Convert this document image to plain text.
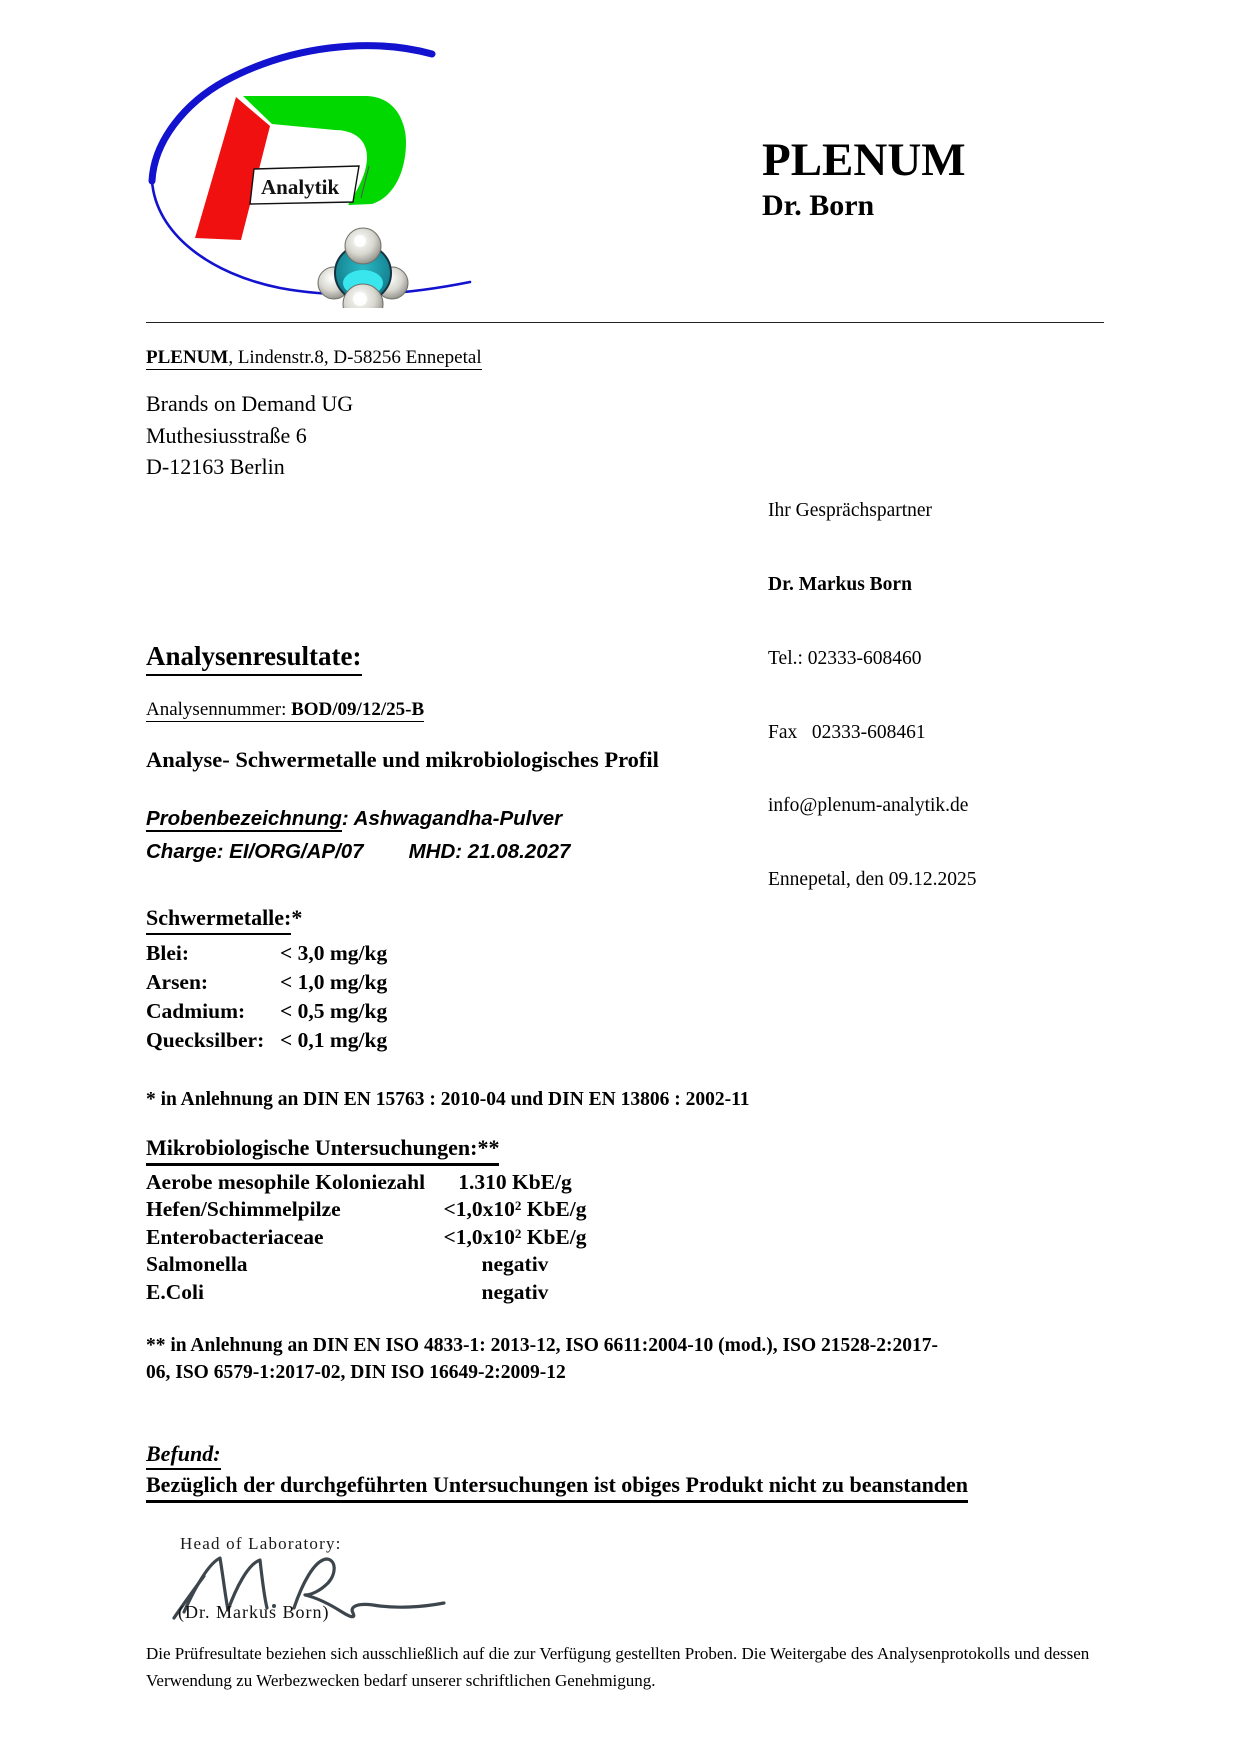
Analytik
PLENUM
Dr. Born
PLENUM, Lindenstr.8, D-58256 Ennepetal
Brands on Demand UG
Muthesiusstraße 6
D-12163 Berlin

Ihr Gesprächspartner

Dr. Markus Born

Tel.: 02333-608460

Fax   02333-608461

info@plenum-analytik.de

Ennepetal, den 09.12.2025

Analysenresultate:
Analysennummer: BOD/09/12/25-B
Analyse- Schwermetalle und mikrobiologisches Profil
Probenbezeichnung: Ashwagandha-Pulver
Charge: EI/ORG/AP/07 MHD: 21.08.2027
Schwermetalle:*
Blei:	< 3,0 mg/kg
Arsen:	< 1,0 mg/kg
Cadmium: < 0,5 mg/kg
Quecksilber: < 0,1 mg/kg
* in Anlehnung an DIN EN 15763 : 2010-04 und DIN EN 13806 : 2002-11
Mikrobiologische Untersuchungen:**
Aerobe mesophile Koloniezahl	1.310 KbE/g
Hefen/Schimmelpilze	$<1,0x10^2$ KbE/g
Enterobacteriaceae	$<1,0x10^2$ KbE/g
Salmonella	negativ
E.Coli	negativ
** in Anlehnung an DIN EN ISO 4833-1: 2013-12, ISO 6611:2004-10 (mod.), ISO 21528-2:2017-
06, ISO 6579-1:2017-02, DIN ISO 16649-2:2009-12
Befund:
Bezüglich der durchgeführten Untersuchungen ist obiges Produkt nicht zu beanstanden
Head of Laboratory:
(Dr. Markus Born)
Die Prüfresultate beziehen sich ausschließlich auf die zur Verfügung gestellten Proben. Die Weitergabe des Analysenprotokolls und dessen
Verwendung zu Werbezwecken bedarf unserer schriftlichen Genehmigung.
